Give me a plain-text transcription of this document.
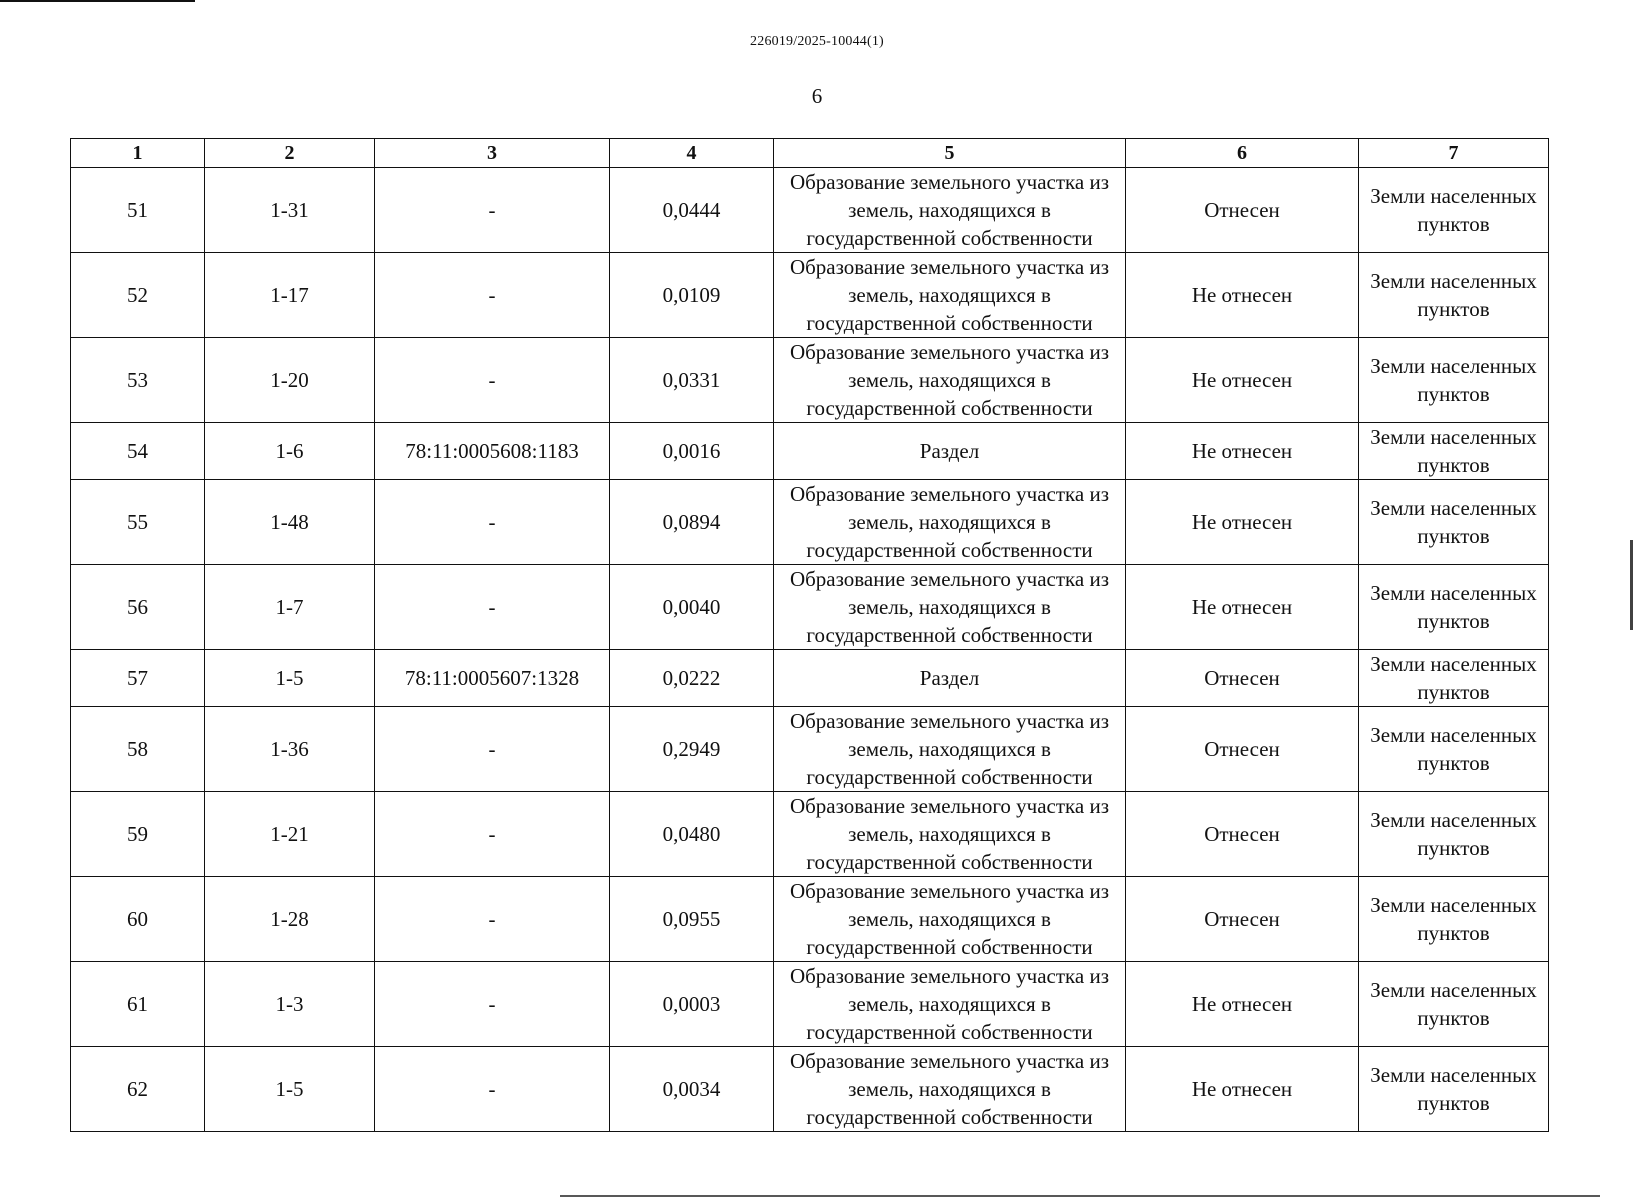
226019/2025-10044(1)
6
1	2	3	4	5	6	7
51	1-31	-	0,0444	Образование земельного участка из земель, находящихся в государственной собственности	Отнесен	Земли населенных пунктов
52	1-17	-	0,0109	Образование земельного участка из земель, находящихся в государственной собственности	Не отнесен	Земли населенных пунктов
53	1-20	-	0,0331	Образование земельного участка из земель, находящихся в государственной собственности	Не отнесен	Земли населенных пунктов
54	1-6	78:11:0005608:1183	0,0016	Раздел	Не отнесен	Земли населенных пунктов
55	1-48	-	0,0894	Образование земельного участка из земель, находящихся в государственной собственности	Не отнесен	Земли населенных пунктов
56	1-7	-	0,0040	Образование земельного участка из земель, находящихся в государственной собственности	Не отнесен	Земли населенных пунктов
57	1-5	78:11:0005607:1328	0,0222	Раздел	Отнесен	Земли населенных пунктов
58	1-36	-	0,2949	Образование земельного участка из земель, находящихся в государственной собственности	Отнесен	Земли населенных пунктов
59	1-21	-	0,0480	Образование земельного участка из земель, находящихся в государственной собственности	Отнесен	Земли населенных пунктов
60	1-28	-	0,0955	Образование земельного участка из земель, находящихся в государственной собственности	Отнесен	Земли населенных пунктов
61	1-3	-	0,0003	Образование земельного участка из земель, находящихся в государственной собственности	Не отнесен	Земли населенных пунктов
62	1-5	-	0,0034	Образование земельного участка из земель, находящихся в государственной собственности	Не отнесен	Земли населенных пунктов
